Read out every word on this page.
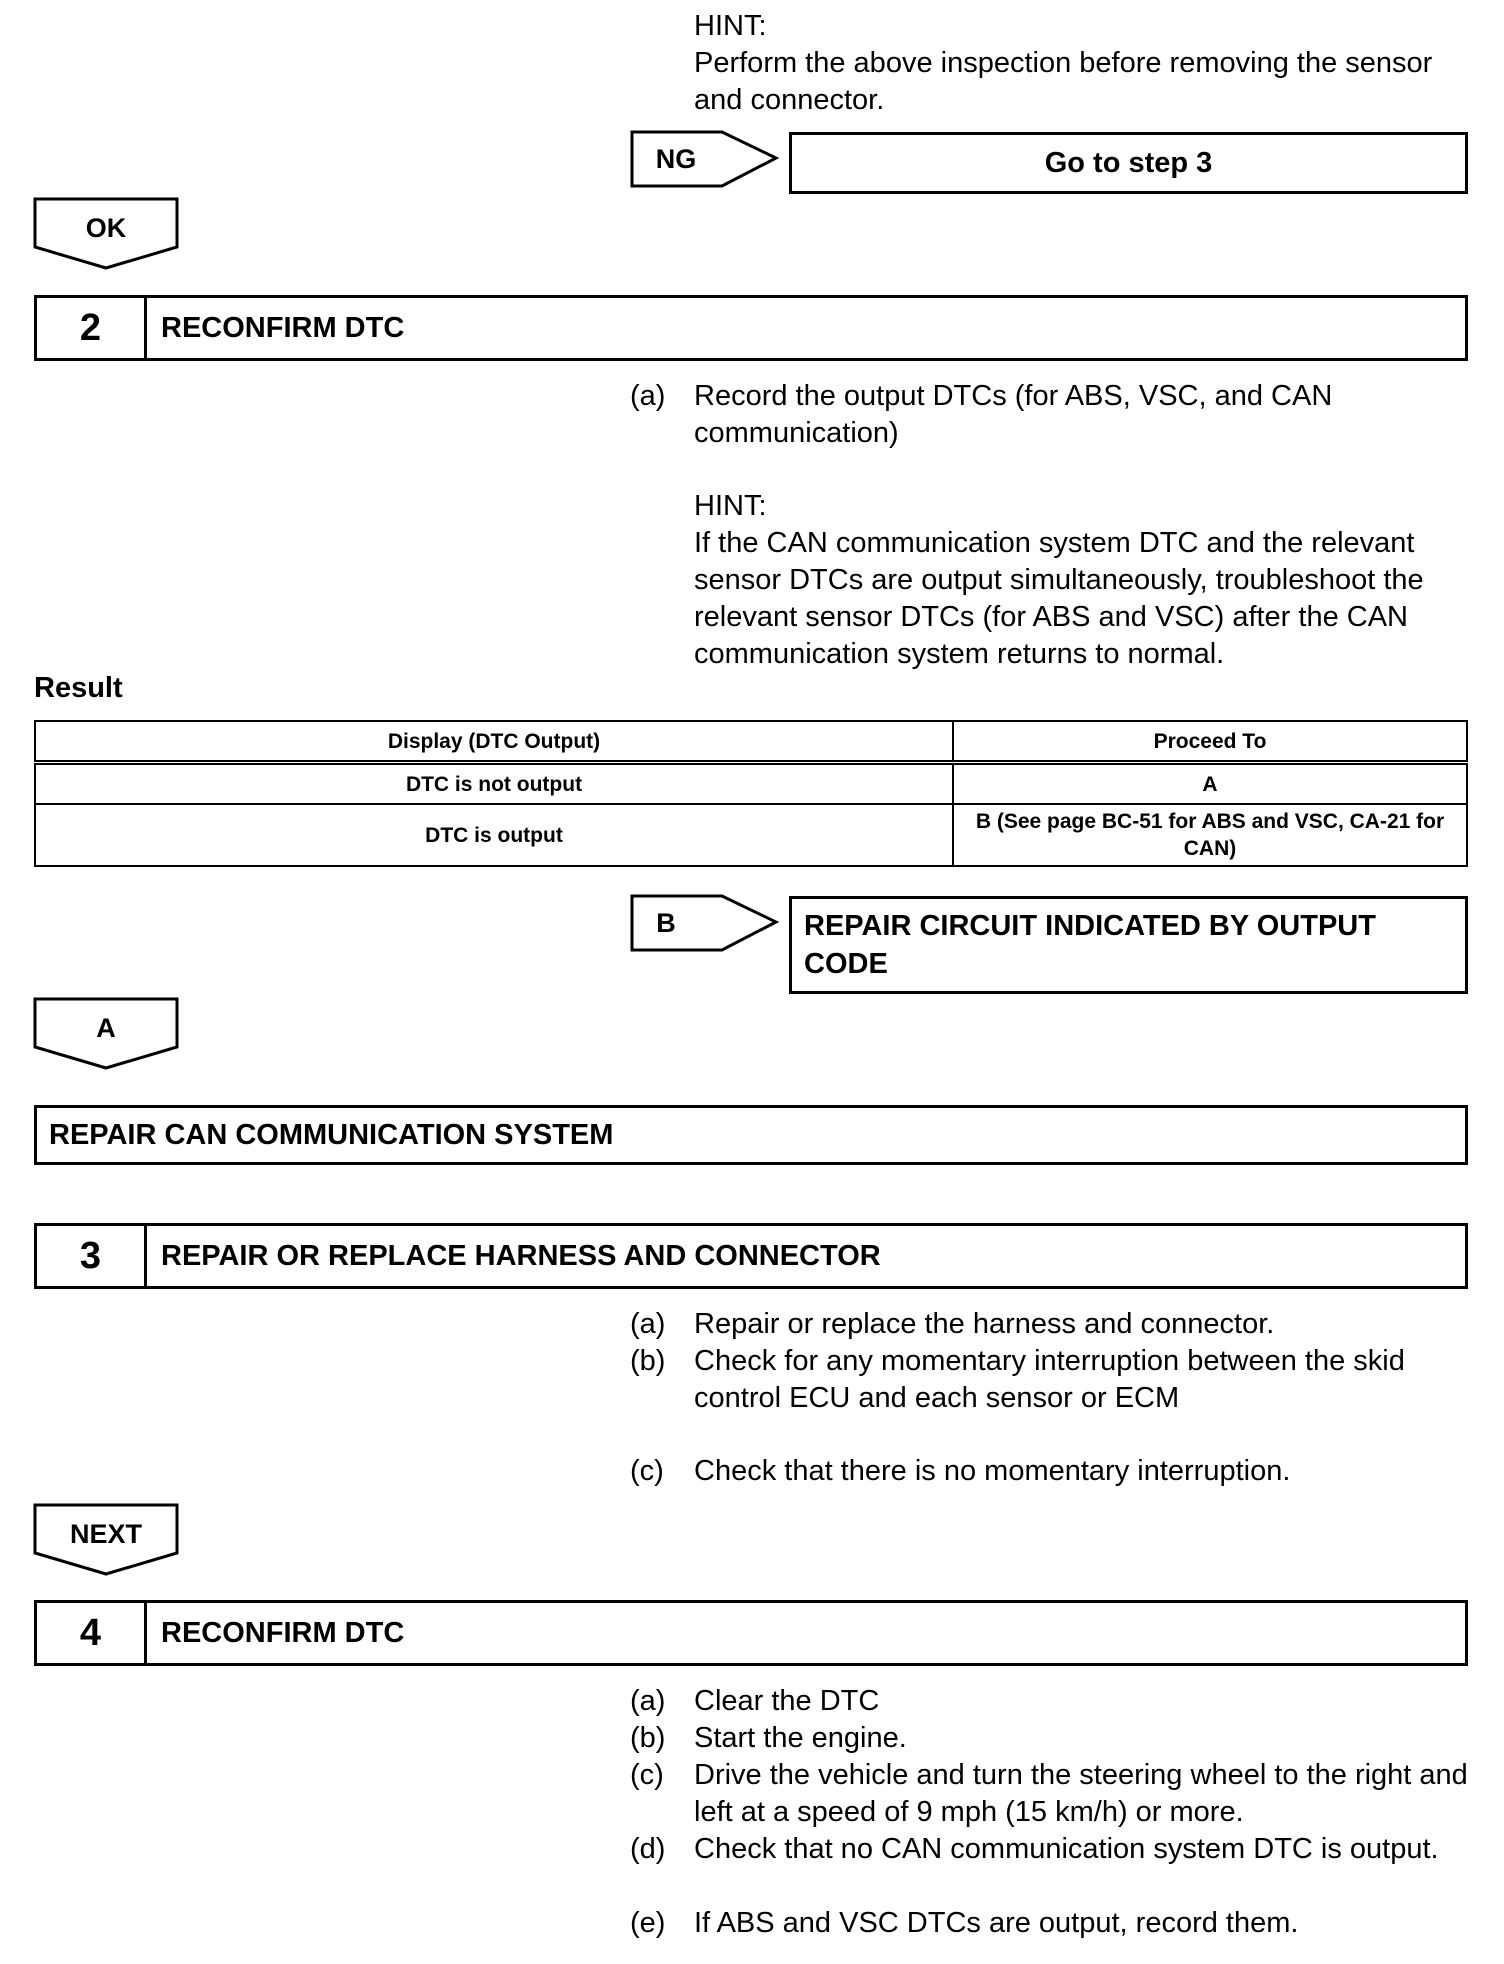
HINT:
Perform the above inspection before removing the sensor and connector.
NG	Go to step 3
OK
2	RECONFIRM DTC
(a) Record the output DTCs (for ABS, VSC, and CAN communication)
HINT:
If the CAN communication system DTC and the relevant sensor DTCs are output simultaneously, troubleshoot the relevant sensor DTCs (for ABS and VSC) after the CAN communication system returns to normal.
Result
Display (DTC Output)	Proceed To
DTC is not output	A
DTC is output	B (See page BC-51 for ABS and VSC, CA-21 for CAN)
B	REPAIR CIRCUIT INDICATED BY OUTPUT CODE
A
REPAIR CAN COMMUNICATION SYSTEM
3	REPAIR OR REPLACE HARNESS AND CONNECTOR
(a) Repair or replace the harness and connector.
(b) Check for any momentary interruption between the skid control ECU and each sensor or ECM
(c) Check that there is no momentary interruption.
NEXT
4	RECONFIRM DTC
(a) Clear the DTC
(b) Start the engine.
(c) Drive the vehicle and turn the steering wheel to the right and left at a speed of 9 mph (15 km/h) or more.
(d) Check that no CAN communication system DTC is output.
(e) If ABS and VSC DTCs are output, record them.
